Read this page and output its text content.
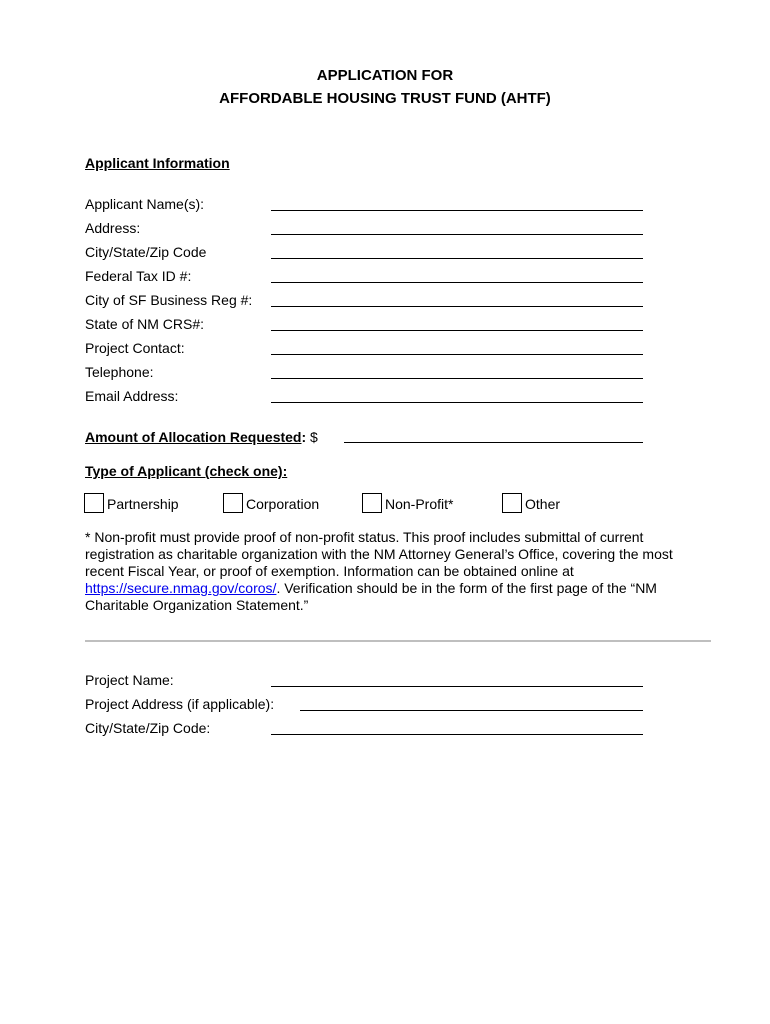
APPLICATION FOR
AFFORDABLE HOUSING TRUST FUND (AHTF)
Applicant Information
Applicant Name(s):
Address:
City/State/Zip Code
Federal Tax ID #:
City of SF Business Reg #:
State of NM CRS#:
Project Contact:
Telephone:
Email Address:
Amount of Allocation Requested: $
Type of Applicant (check one):
Partnership	Corporation	Non-Profit*	Other
* Non-profit must provide proof of non-profit status. This proof includes submittal of current registration as charitable organization with the NM Attorney General’s Office, covering the most recent Fiscal Year, or proof of exemption. Information can be obtained online at https://secure.nmag.gov/coros/. Verification should be in the form of the first page of the “NM Charitable Organization Statement.”
Project Name:
Project Address (if applicable):
City/State/Zip Code:
